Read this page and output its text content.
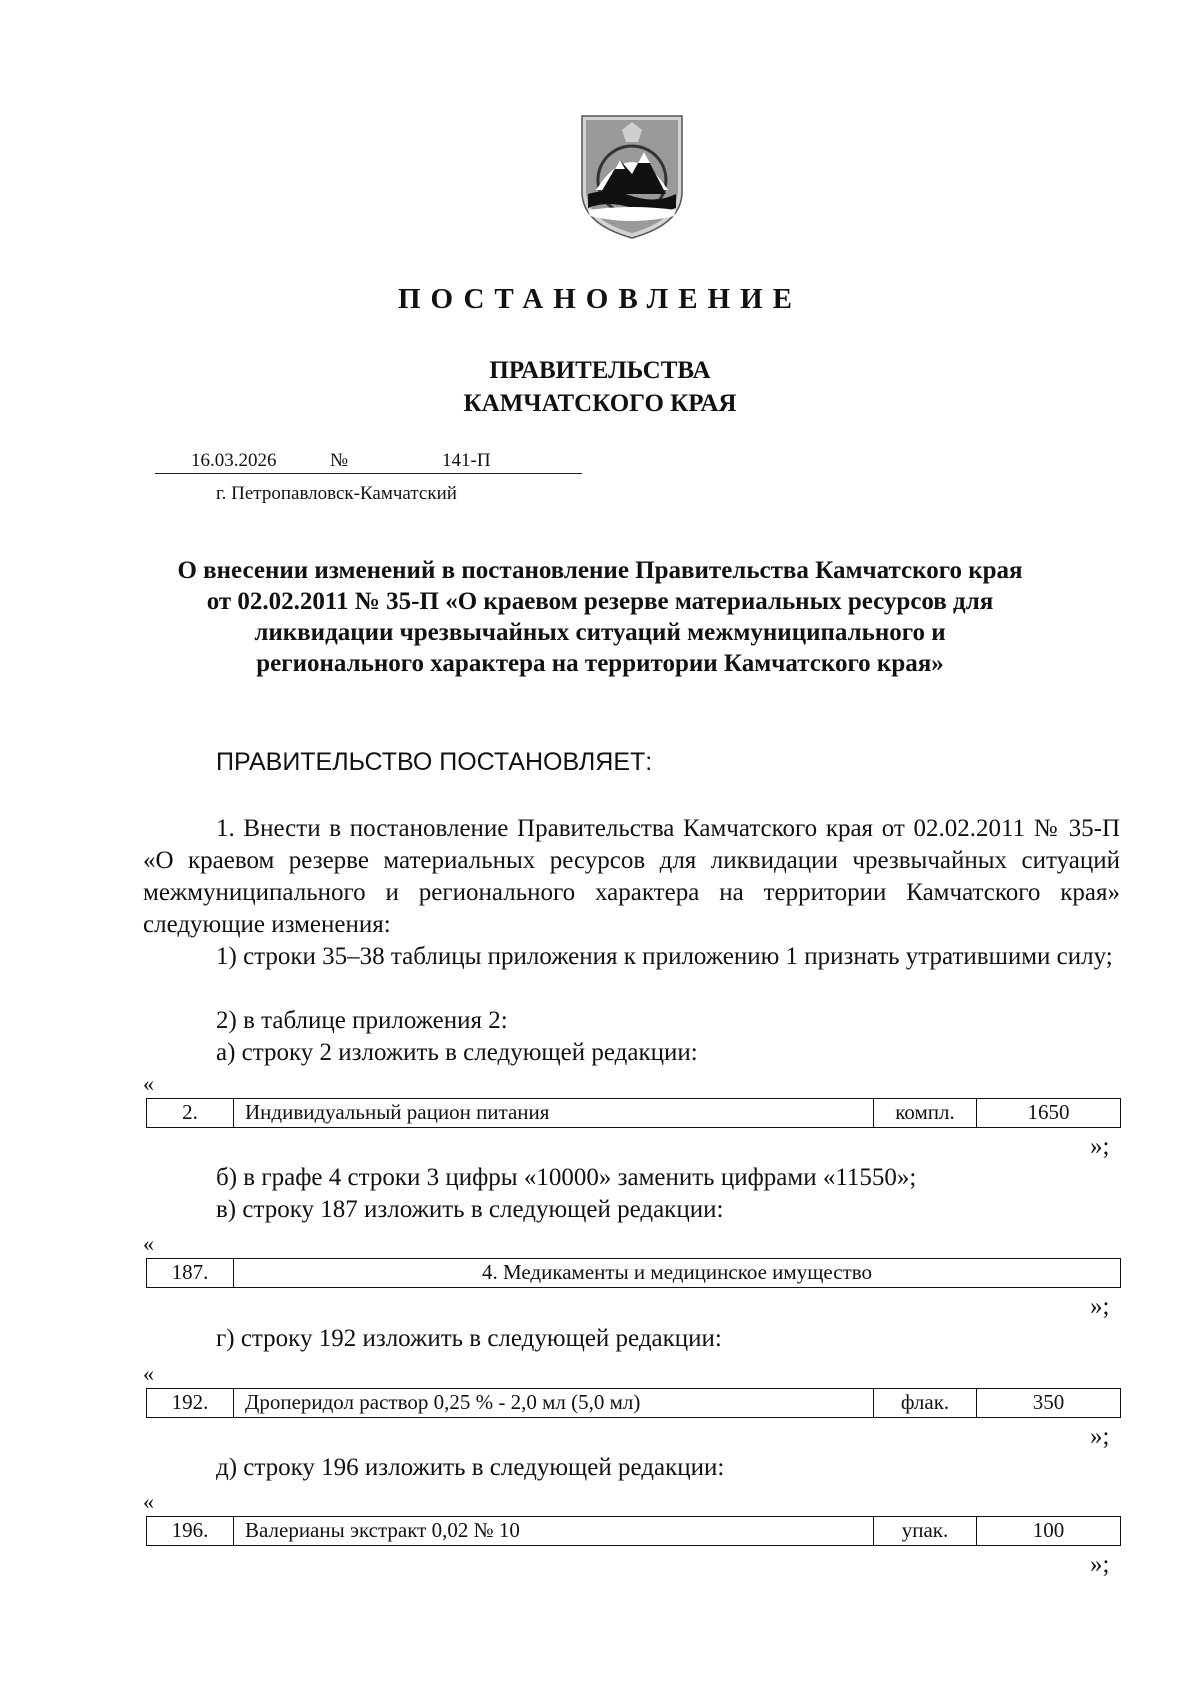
ПОСТАНОВЛЕНИЕ
ПРАВИТЕЛЬСТВА
КАМЧАТСКОГО КРАЯ
16.03.2026	№	141-П
г. Петропавловск-Камчатский
О внесении изменений в постановление Правительства Камчатского края
от 02.02.2011 № 35-П «О краевом резерве материальных ресурсов для
ликвидации чрезвычайных ситуаций межмуниципального и
регионального характера на территории Камчатского края»
ПРАВИТЕЛЬСТВО ПОСТАНОВЛЯЕТ:

1. Внести в постановление Правительства Камчатского края от 02.02.2011 № 35-П «О краевом резерве материальных ресурсов для ликвидации чрезвычайных ситуаций межмуниципального и регионального характера на территории Камчатского края» следующие изменения:

1) строки 35–38 таблицы приложения к приложению 1 признать утратившими силу;

2) в таблице приложения 2:
а) строку 2 изложить в следующей редакции:
«
2.	Индивидуальный рацион питания	компл.	1650
»;
б) в графе 4 строки 3 цифры «10000» заменить цифрами «11550»;
в) строку 187 изложить в следующей редакции:
«
187.	4. Медикаменты и медицинское имущество
»;
г) строку 192 изложить в следующей редакции:
«
192.	Дроперидол раствор 0,25 % - 2,0 мл (5,0 мл)	флак.	350
»;
д) строку 196 изложить в следующей редакции:
«
196.	Валерианы экстракт 0,02 № 10	упак.	100
»;
